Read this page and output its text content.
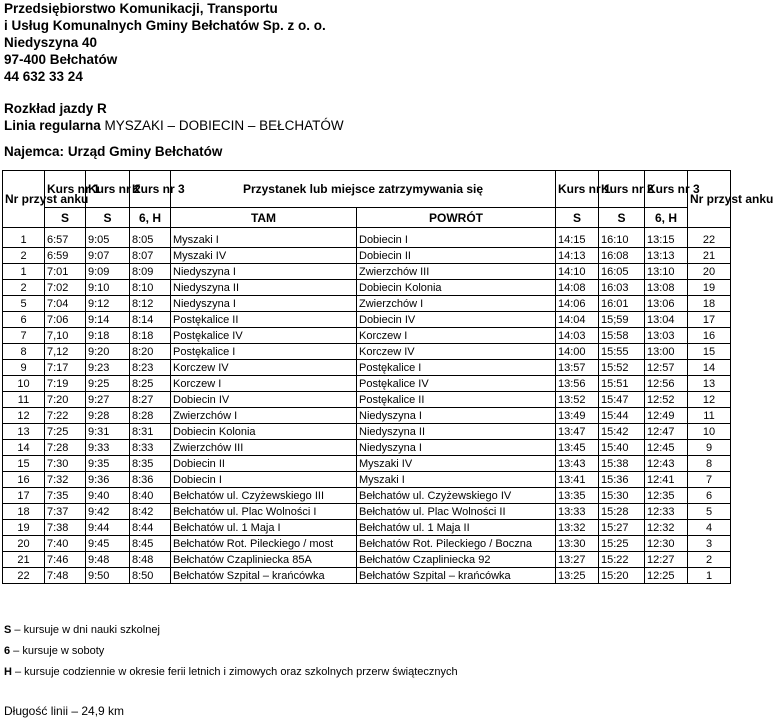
Przedsiębiorstwo Komunikacji, Transportu
i Usług Komunalnych Gminy Bełchatów Sp. z o. o.
Niedyszyna 40
97-400 Bełchatów
44 632 33 24
Rozkład jazdy R
Linia regularna MYSZAKI – DOBIECIN – BEŁCHATÓW
Najemca: Urząd Gminy Bełchatów
Nr przyst anku	Kurs nr 1	Kurs nr 2	Kurs nr 3	Przystanek lub miejsce zatrzymywania się		Kurs nr 1	Kurs nr 2	Kurs nr 3	Nr przyst anku
	S	S	6, H	TAM	POWRÓT	S	S	6, H	
1	6:57	9:05	8:05	Myszaki I	Dobiecin I	14:15	16:10	13:15	22
2	6:59	9:07	8:07	Myszaki IV	Dobiecin II	14:13	16:08	13:13	21
1	7:01	9:09	8:09	Niedyszyna I	Zwierzchów III	14:10	16:05	13:10	20
2	7:02	9:10	8:10	Niedyszyna II	Dobiecin Kolonia	14:08	16:03	13:08	19
5	7:04	9:12	8:12	Niedyszyna I	Zwierzchów I	14:06	16:01	13:06	18
6	7:06	9:14	8:14	Postękalice II	Dobiecin IV	14:04	15;59	13:04	17
7	7,10	9:18	8:18	Postękalice IV	Korczew I	14:03	15:58	13:03	16
8	7,12	9:20	8:20	Postękalice I	Korczew IV	14:00	15:55	13:00	15
9	7:17	9:23	8:23	Korczew IV	Postękalice I	13:57	15:52	12:57	14
10	7:19	9:25	8:25	Korczew I	Postękalice IV	13:56	15:51	12:56	13
11	7:20	9:27	8:27	Dobiecin IV	Postękalice II	13:52	15:47	12:52	12
12	7:22	9:28	8:28	Zwierzchów I	Niedyszyna I	13:49	15:44	12:49	11
13	7:25	9:31	8:31	Dobiecin Kolonia	Niedyszyna II	13:47	15:42	12:47	10
14	7:28	9:33	8:33	Zwierzchów III	Niedyszyna I	13:45	15:40	12:45	9
15	7:30	9:35	8:35	Dobiecin II	Myszaki IV	13:43	15:38	12:43	8
16	7:32	9:36	8:36	Dobiecin I	Myszaki I	13:41	15:36	12:41	7
17	7:35	9:40	8:40	Bełchatów ul. Czyżewskiego III	Bełchatów ul. Czyżewskiego IV	13:35	15:30	12:35	6
18	7:37	9:42	8:42	Bełchatów ul. Plac Wolności I	Bełchatów ul. Plac Wolności II	13:33	15:28	12:33	5
19	7:38	9:44	8:44	Bełchatów ul. 1 Maja I	Bełchatów ul. 1 Maja II	13:32	15:27	12:32	4
20	7:40	9:45	8:45	Bełchatów Rot. Pileckiego / most	Bełchatów Rot. Pileckiego / Boczna	13:30	15:25	12:30	3
21	7:46	9:48	8:48	Bełchatów Czapliniecka 85A	Bełchatów Czapliniecka 92	13:27	15:22	12:27	2
22	7:48	9:50	8:50	Bełchatów Szpital – krańcówka	Bełchatów Szpital – krańcówka	13:25	15:20	12:25	1
S – kursuje w dni nauki szkolnej
6 – kursuje w soboty
H – kursuje codziennie w okresie ferii letnich i zimowych oraz szkolnych przerw świątecznych
Długość linii – 24,9 km
